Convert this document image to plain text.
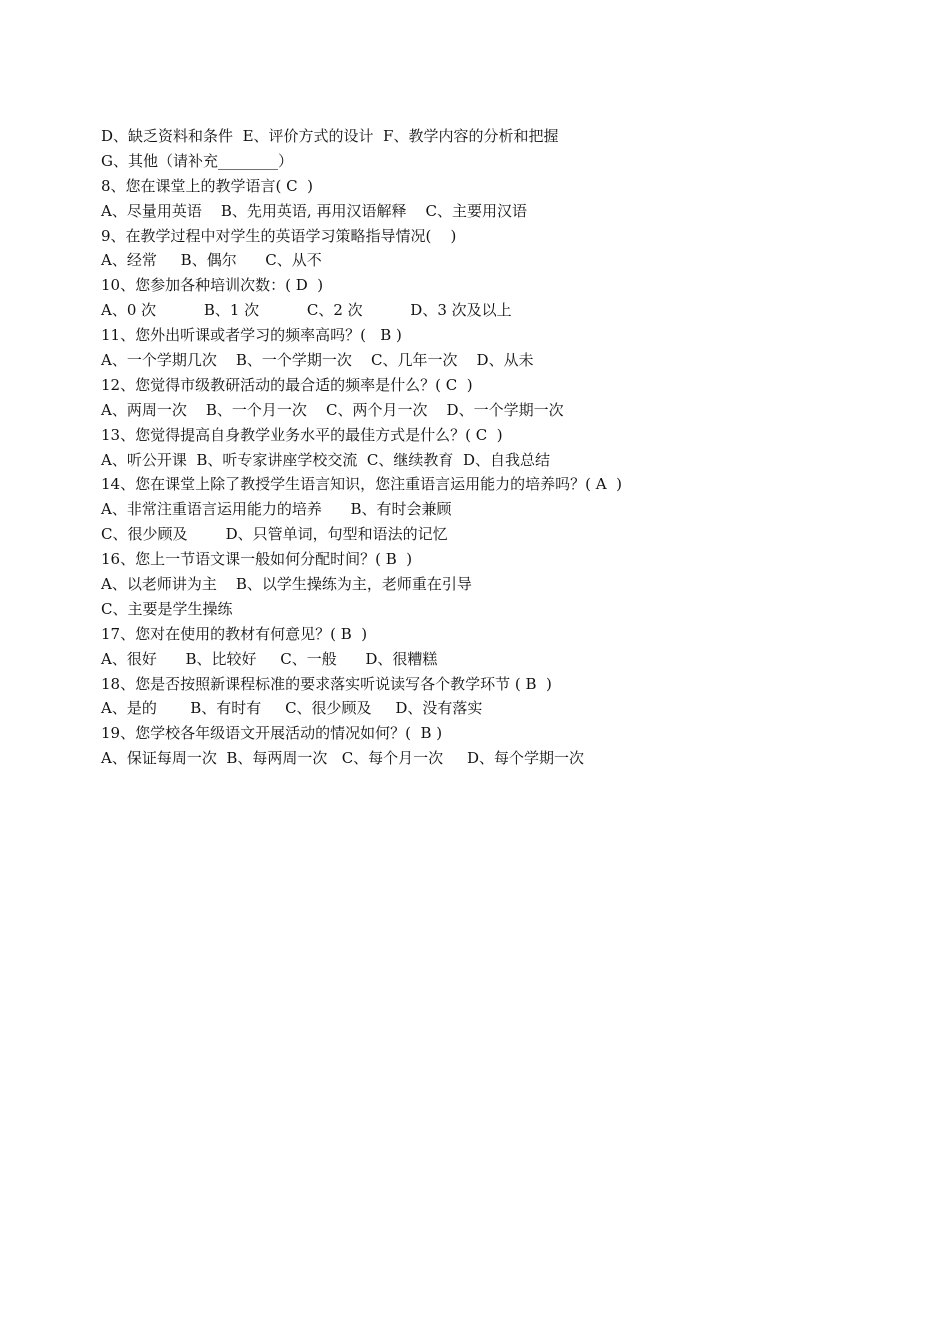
D、缺乏资料和条件  E、评价方式的设计  F、教学内容的分析和把握
G、其他（请补充________）
8、您在课堂上的教学语言( C  )
A、尽量用英语    B、先用英语, 再用汉语解释    C、主要用汉语
9、在教学过程中对学生的英语学习策略指导情况(    )
A、经常     B、偶尔      C、从不
10、您参加各种培训次数：( D  )
A、0 次          B、1 次          C、2 次          D、3 次及以上
11、您外出听课或者学习的频率高吗？(   B )
A、一个学期几次    B、一个学期一次    C、几年一次    D、从未
12、您觉得市级教研活动的最合适的频率是什么？( C  )
A、两周一次    B、一个月一次    C、两个月一次    D、一个学期一次
13、您觉得提高自身教学业务水平的最佳方式是什么？( C  )
A、听公开课  B、听专家讲座学校交流  C、继续教育  D、自我总结
14、您在课堂上除了教授学生语言知识，您注重语言运用能力的培养吗？( A  )
A、非常注重语言运用能力的培养      B、有时会兼顾
C、很少顾及        D、只管单词，句型和语法的记忆
16、您上一节语文课一般如何分配时间？( B  )
A、以老师讲为主    B、以学生操练为主，老师重在引导
C、主要是学生操练
17、您对在使用的教材有何意见？( B  )
A、很好      B、比较好     C、一般      D、很糟糕
18、您是否按照新课程标准的要求落实听说读写各个教学环节 ( B  )
A、是的       B、有时有     C、很少顾及     D、没有落实
19、您学校各年级语文开展活动的情况如何？(  B )
A、保证每周一次  B、每两周一次   C、每个月一次     D、每个学期一次
